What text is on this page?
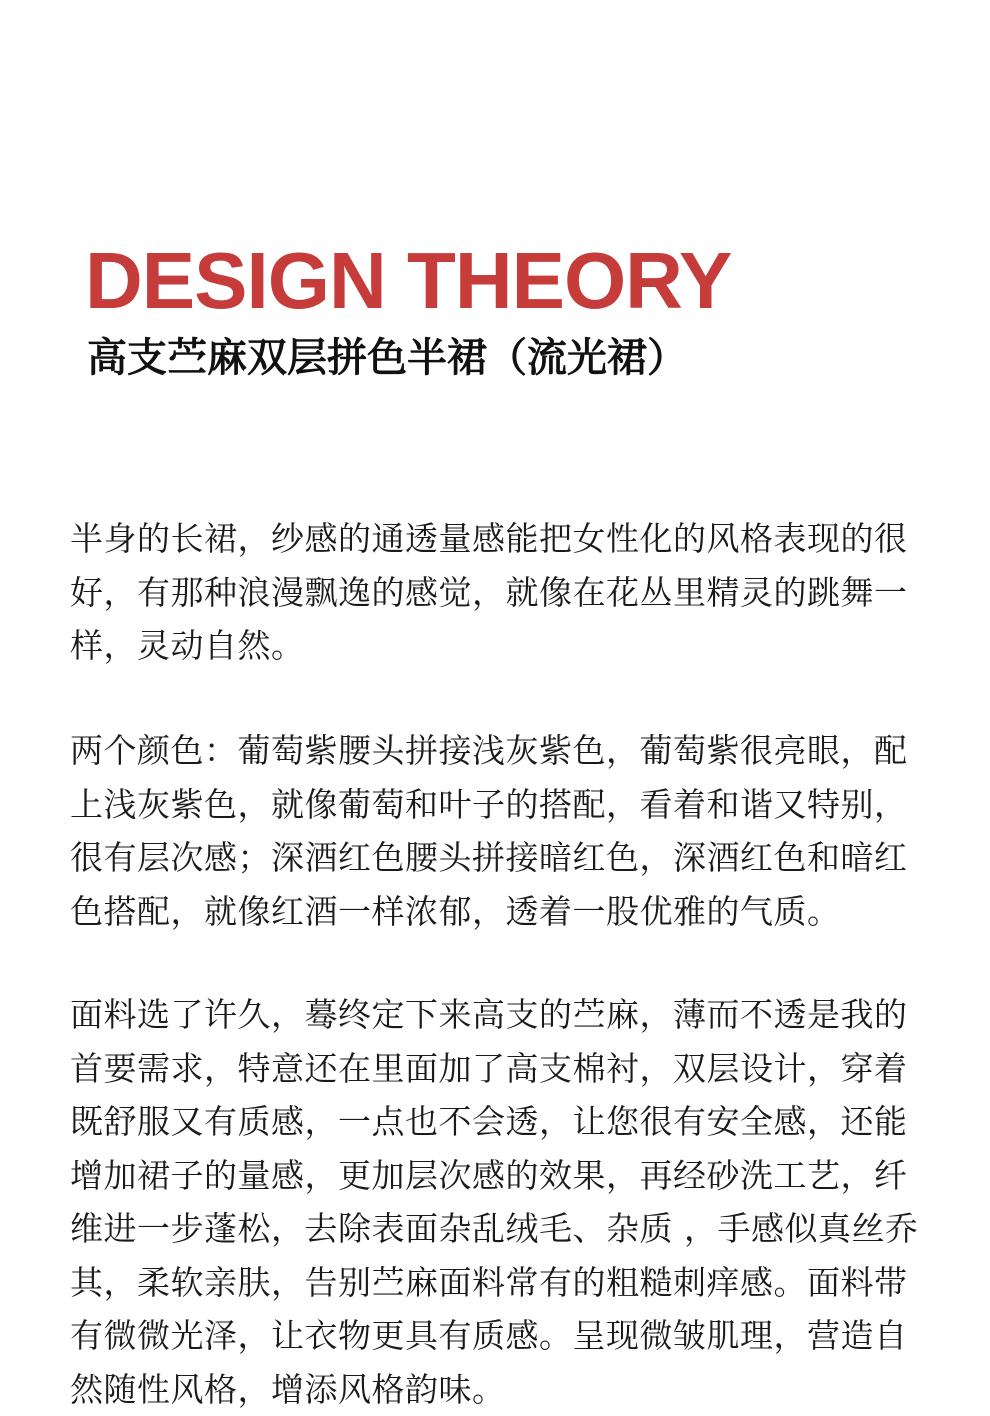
DESIGN THEORY
高支苎麻双层拼色半裙（流光裙）

半身的长裙，纱感的通透量感能把女性化的风格表现的很好，有那种浪漫飘逸的感觉，就像在花丛里精灵的跳舞一样，灵动自然。

两个颜色：葡萄紫腰头拼接浅灰紫色，葡萄紫很亮眼，配上浅灰紫色，就像葡萄和叶子的搭配，看着和谐又特别，很有层次感；深酒红色腰头拼接暗红色，深酒红色和暗红色搭配，就像红酒一样浓郁，透着一股优雅的气质。

面料选了许久，蓦终定下来高支的苎麻，薄而不透是我的首要需求，特意还在里面加了高支棉衬，双层设计，穿着既舒服又有质感，一点也不会透，让您很有安全感，还能增加裙子的量感，更加层次感的效果，再经砂洗工艺，纤维进一步蓬松，去除表面杂乱绒毛、杂质 ，手感似真丝乔其，柔软亲肤，告别苎麻面料常有的粗糙刺痒感。面料带有微微光泽，让衣物更具有质感。呈现微皱肌理，营造自然随性风格，增添风格韵味。
